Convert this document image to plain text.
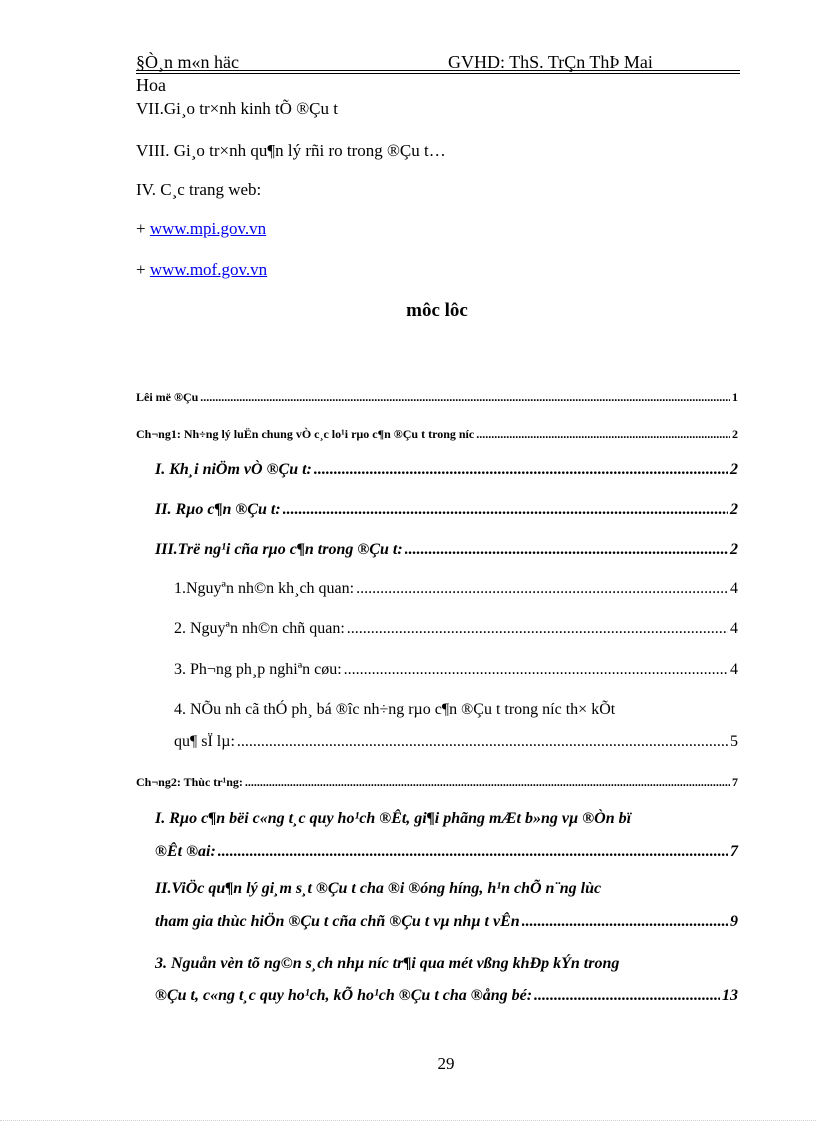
§Ò¸n m«n häc	GVHD: ThS. TrÇn ThÞ Mai
Hoa
VII.Gi¸o tr×nh kinh tÕ ®Çu t
VIII. Gi¸o tr×nh qu¶n lý rñi ro trong ®Çu t…
IV. C¸c trang web:
+ www.mpi.gov.vn
+ www.mof.gov.vn
môc lôc
Lêi më ®Çu .....	1
Ch¬ng1: Nh÷ng lý luËn chung vÒ c¸c lo¹i rµo c¶n ®Çu t trong níc .....	2
I. Kh¸i niÖm vÒ ®Çu t: .....	2
II. Rµo c¶n ®Çu t: .....	2
III.Trë ng¹i cña rµo c¶n trong ®Çu t: .....	2
1.Nguyªn nh©n kh¸ch quan: .....	4
2. Nguyªn nh©n chñ quan: .....	4
3. Ph¬ng ph¸p nghiªn cøu: .....	4
4. NÕu nh cã thÓ ph¸ bá ®îc nh÷ng rµo c¶n ®Çu t trong níc th× kÕt
qu¶ sÏ lµ: .....	5
Ch¬ng2: Thùc tr¹ng: .....	7
I. Rµo c¶n bëi c«ng t¸c quy ho¹ch ®Êt, gi¶i phãng mÆt b»ng vµ ®Òn bï
®Êt ®ai: .....	7
II.ViÖc qu¶n lý gi¸m s¸t ®Çu t cha ®i ®óng híng, h¹n chÕ n¨ng lùc
tham gia thùc hiÖn ®Çu t cña chñ ®Çu t vµ nhµ t vÊn .....	9
3. Nguån vèn tõ ng©n s¸ch nhµ níc tr¶i qua mét vßng khÐp kÝn trong
®Çu t, c«ng t¸c quy ho¹ch, kÕ ho¹ch ®Çu t cha ®ång bé: .....	13
29
